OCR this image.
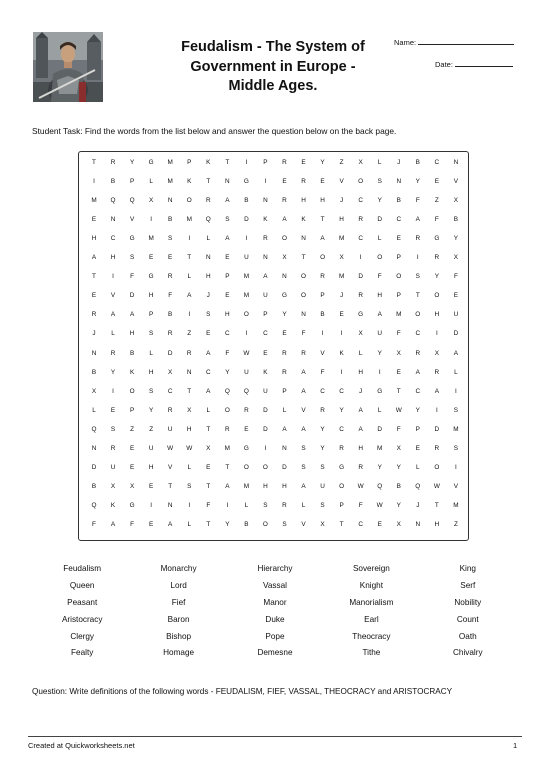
Feudalism - The System of
Government in Europe -
Middle Ages.
Name:
Date:
Student Task: Find the words from the list below and answer the question below on the back page.
T	R	Y	G	M	P	K	T	I	P	R	E	Y	Z	X	L	J	B	C	N
I	B	P	L	M	K	T	N	G	I	E	R	E	V	O	S	N	Y	E	V
M	Q	Q	X	N	O	R	A	B	N	R	H	H	J	C	Y	B	F	Z	X
E	N	V	I	B	M	Q	S	D	K	A	K	T	H	R	D	C	A	F	B
H	C	G	M	S	I	L	A	I	R	O	N	A	M	C	L	E	R	G	Y
A	H	S	E	E	T	N	E	U	N	X	T	O	X	I	O	P	I	R	X
T	I	F	G	R	L	H	P	M	A	N	O	R	M	D	F	O	S	Y	F
E	V	D	H	F	A	J	E	M	U	G	O	P	J	R	H	P	T	O	E
R	A	A	P	B	I	S	H	O	P	Y	N	B	E	G	A	M	O	H	U
J	L	H	S	R	Z	E	C	I	C	E	F	I	I	X	U	F	C	I	D
N	R	B	L	D	R	A	F	W	E	R	R	V	K	L	Y	X	R	X	A
B	Y	K	H	X	N	C	Y	U	K	R	A	F	I	H	I	E	A	R	L
X	I	O	S	C	T	A	Q	Q	U	P	A	C	C	J	G	T	C	A	I
L	E	P	Y	R	X	L	O	R	D	L	V	R	Y	A	L	W	Y	I	S
Q	S	Z	Z	U	H	T	R	E	D	A	A	Y	C	A	D	F	P	D	M
N	R	E	U	W	W	X	M	G	I	N	S	Y	R	H	M	X	E	R	S
D	U	E	H	V	L	E	T	O	O	D	S	S	G	R	Y	Y	L	O	I
B	X	X	E	T	S	T	A	M	H	H	A	U	O	W	Q	B	Q	W	V
Q	K	G	I	N	I	F	I	L	S	R	L	S	P	F	W	Y	J	T	M
F	A	F	E	A	L	T	Y	B	O	S	V	X	T	C	E	X	N	H	Z
Feudalism	Monarchy	Hierarchy	Sovereign	King
Queen	Lord	Vassal	Knight	Serf
Peasant	Fief	Manor	Manorialism	Nobility
Aristocracy	Baron	Duke	Earl	Count
Clergy	Bishop	Pope	Theocracy	Oath
Fealty	Homage	Demesne	Tithe	Chivalry
Question: Write definitions of the following words - FEUDALISM, FIEF, VASSAL, THEOCRACY and ARISTOCRACY
Created at Quickworksheets.net	1
